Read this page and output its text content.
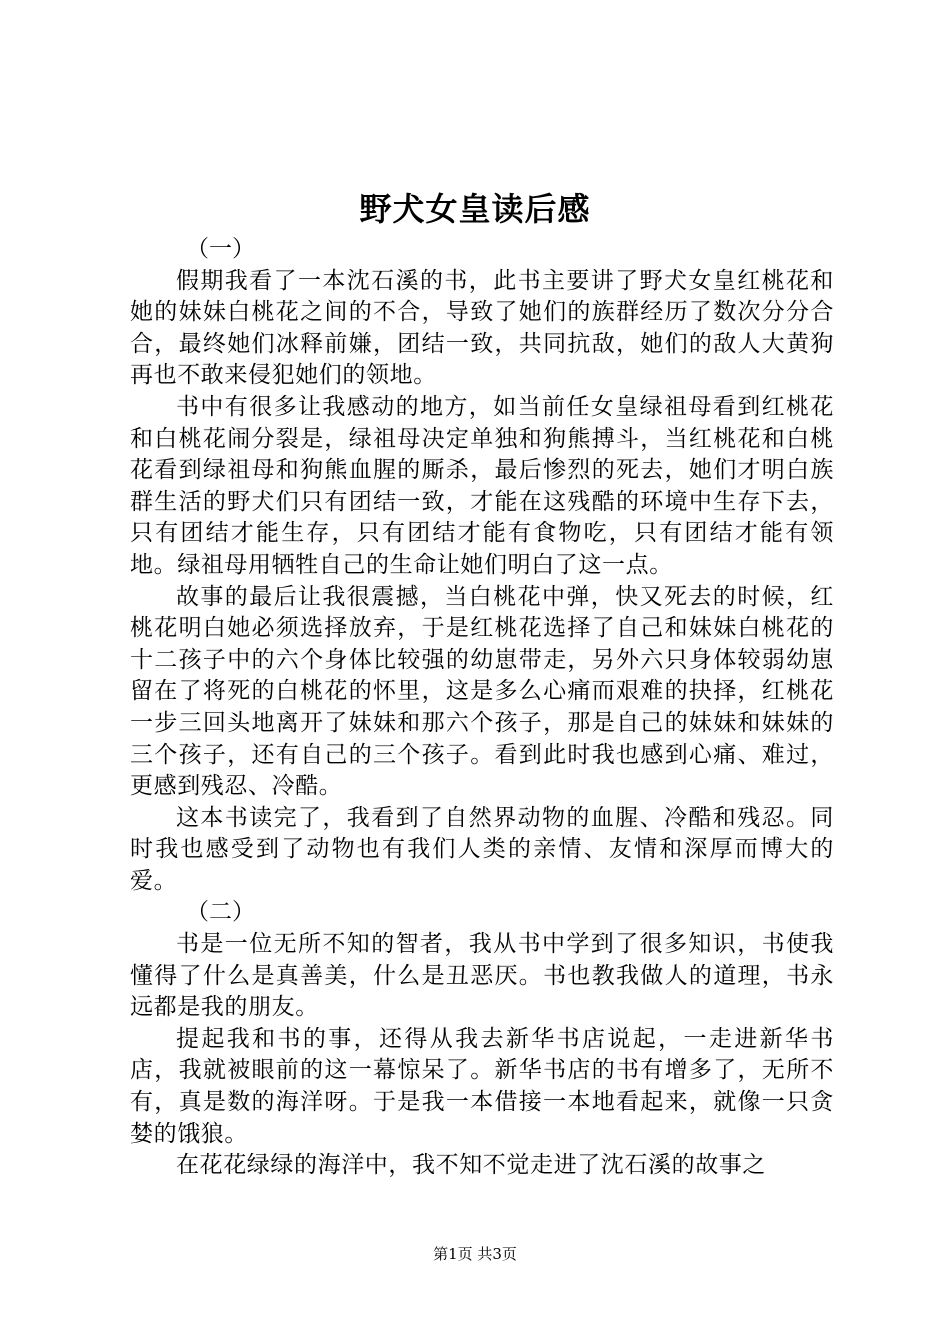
野犬女皇读后感

（一）

假期我看了一本沈石溪的书，此书主要讲了野犬女皇红桃花和她的妹妹白桃花之间的不合，导致了她们的族群经历了数次分分合合，最终她们冰释前嫌，团结一致，共同抗敌，她们的敌人大黄狗再也不敢来侵犯她们的领地。

书中有很多让我感动的地方，如当前任女皇绿祖母看到红桃花和白桃花闹分裂是，绿祖母决定单独和狗熊搏斗，当红桃花和白桃花看到绿祖母和狗熊血腥的厮杀，最后惨烈的死去，她们才明白族群生活的野犬们只有团结一致，才能在这残酷的环境中生存下去，只有团结才能生存，只有团结才能有食物吃，只有团结才能有领地。绿祖母用牺牲自己的生命让她们明白了这一点。

故事的最后让我很震撼，当白桃花中弹，快又死去的时候，红桃花明白她必须选择放弃，于是红桃花选择了自己和妹妹白桃花的十二孩子中的六个身体比较强的幼崽带走，另外六只身体较弱幼崽留在了将死的白桃花的怀里，这是多么心痛而艰难的抉择，红桃花一步三回头地离开了妹妹和那六个孩子，那是自己的妹妹和妹妹的三个孩子，还有自己的三个孩子。看到此时我也感到心痛、难过，更感到残忍、冷酷。

这本书读完了，我看到了自然界动物的血腥、冷酷和残忍。同时我也感受到了动物也有我们人类的亲情、友情和深厚而博大的爱。

（二）

书是一位无所不知的智者，我从书中学到了很多知识，书使我懂得了什么是真善美，什么是丑恶厌。书也教我做人的道理，书永远都是我的朋友。

提起我和书的事，还得从我去新华书店说起，一走进新华书店，我就被眼前的这一幕惊呆了。新华书店的书有增多了，无所不有，真是数的海洋呀。于是我一本借接一本地看起来，就像一只贪婪的饿狼。

在花花绿绿的海洋中，我不知不觉走进了沈石溪的故事之

第1页 共3页
